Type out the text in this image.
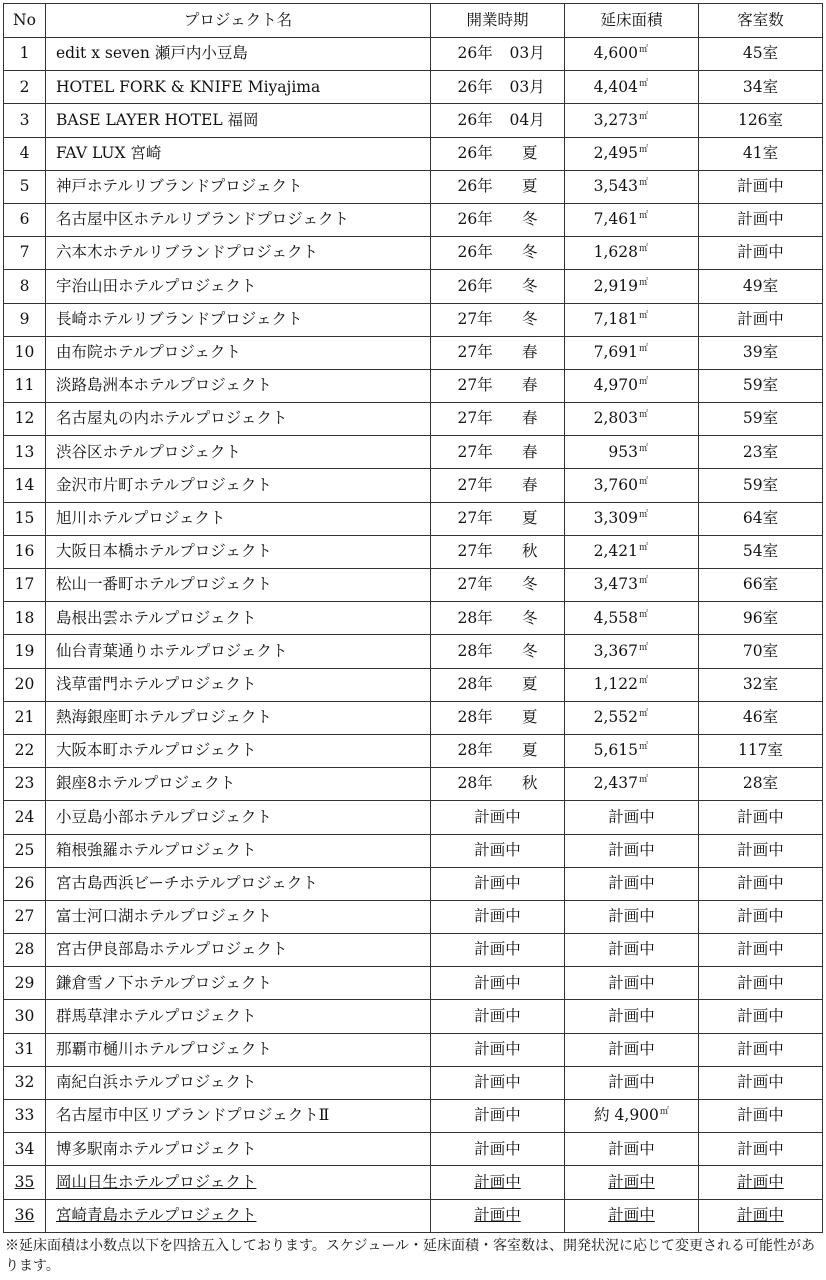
No	プロジェクト名	開業時期	延床面積	客室数
1	edit x seven 瀬戸内小豆島	26年 03月	4,600㎡	45室
2	HOTEL FORK & KNIFE Miyajima	26年 03月	4,404㎡	34室
3	BASE LAYER HOTEL 福岡	26年 04月	3,273㎡	126室
4	FAV LUX 宮崎	26年 夏	2,495㎡	41室
5	神戸ホテルリブランドプロジェクト	26年 夏	3,543㎡	計画中
6	名古屋中区ホテルリブランドプロジェクト	26年 冬	7,461㎡	計画中
7	六本木ホテルリブランドプロジェクト	26年 冬	1,628㎡	計画中
8	宇治山田ホテルプロジェクト	26年 冬	2,919㎡	49室
9	長崎ホテルリブランドプロジェクト	27年 冬	7,181㎡	計画中
10	由布院ホテルプロジェクト	27年 春	7,691㎡	39室
11	淡路島洲本ホテルプロジェクト	27年 春	4,970㎡	59室
12	名古屋丸の内ホテルプロジェクト	27年 春	2,803㎡	59室
13	渋谷区ホテルプロジェクト	27年 春	953㎡	23室
14	金沢市片町ホテルプロジェクト	27年 春	3,760㎡	59室
15	旭川ホテルプロジェクト	27年 夏	3,309㎡	64室
16	大阪日本橋ホテルプロジェクト	27年 秋	2,421㎡	54室
17	松山一番町ホテルプロジェクト	27年 冬	3,473㎡	66室
18	島根出雲ホテルプロジェクト	28年 冬	4,558㎡	96室
19	仙台青葉通りホテルプロジェクト	28年 冬	3,367㎡	70室
20	浅草雷門ホテルプロジェクト	28年 夏	1,122㎡	32室
21	熱海銀座町ホテルプロジェクト	28年 夏	2,552㎡	46室
22	大阪本町ホテルプロジェクト	28年 夏	5,615㎡	117室
23	銀座8ホテルプロジェクト	28年 秋	2,437㎡	28室
24	小豆島小部ホテルプロジェクト	計画中	計画中	計画中
25	箱根強羅ホテルプロジェクト	計画中	計画中	計画中
26	宮古島西浜ビーチホテルプロジェクト	計画中	計画中	計画中
27	富士河口湖ホテルプロジェクト	計画中	計画中	計画中
28	宮古伊良部島ホテルプロジェクト	計画中	計画中	計画中
29	鎌倉雪ノ下ホテルプロジェクト	計画中	計画中	計画中
30	群馬草津ホテルプロジェクト	計画中	計画中	計画中
31	那覇市樋川ホテルプロジェクト	計画中	計画中	計画中
32	南紀白浜ホテルプロジェクト	計画中	計画中	計画中
33	名古屋市中区リブランドプロジェクトⅡ	計画中	約 4,900㎡	計画中
34	博多駅南ホテルプロジェクト	計画中	計画中	計画中
35	岡山日生ホテルプロジェクト	計画中	計画中	計画中
36	宮崎青島ホテルプロジェクト	計画中	計画中	計画中
※延床面積は小数点以下を四捨五入しております。スケジュール・延床面積・客室数は、開発状況に応じて変更される可能性があります。
